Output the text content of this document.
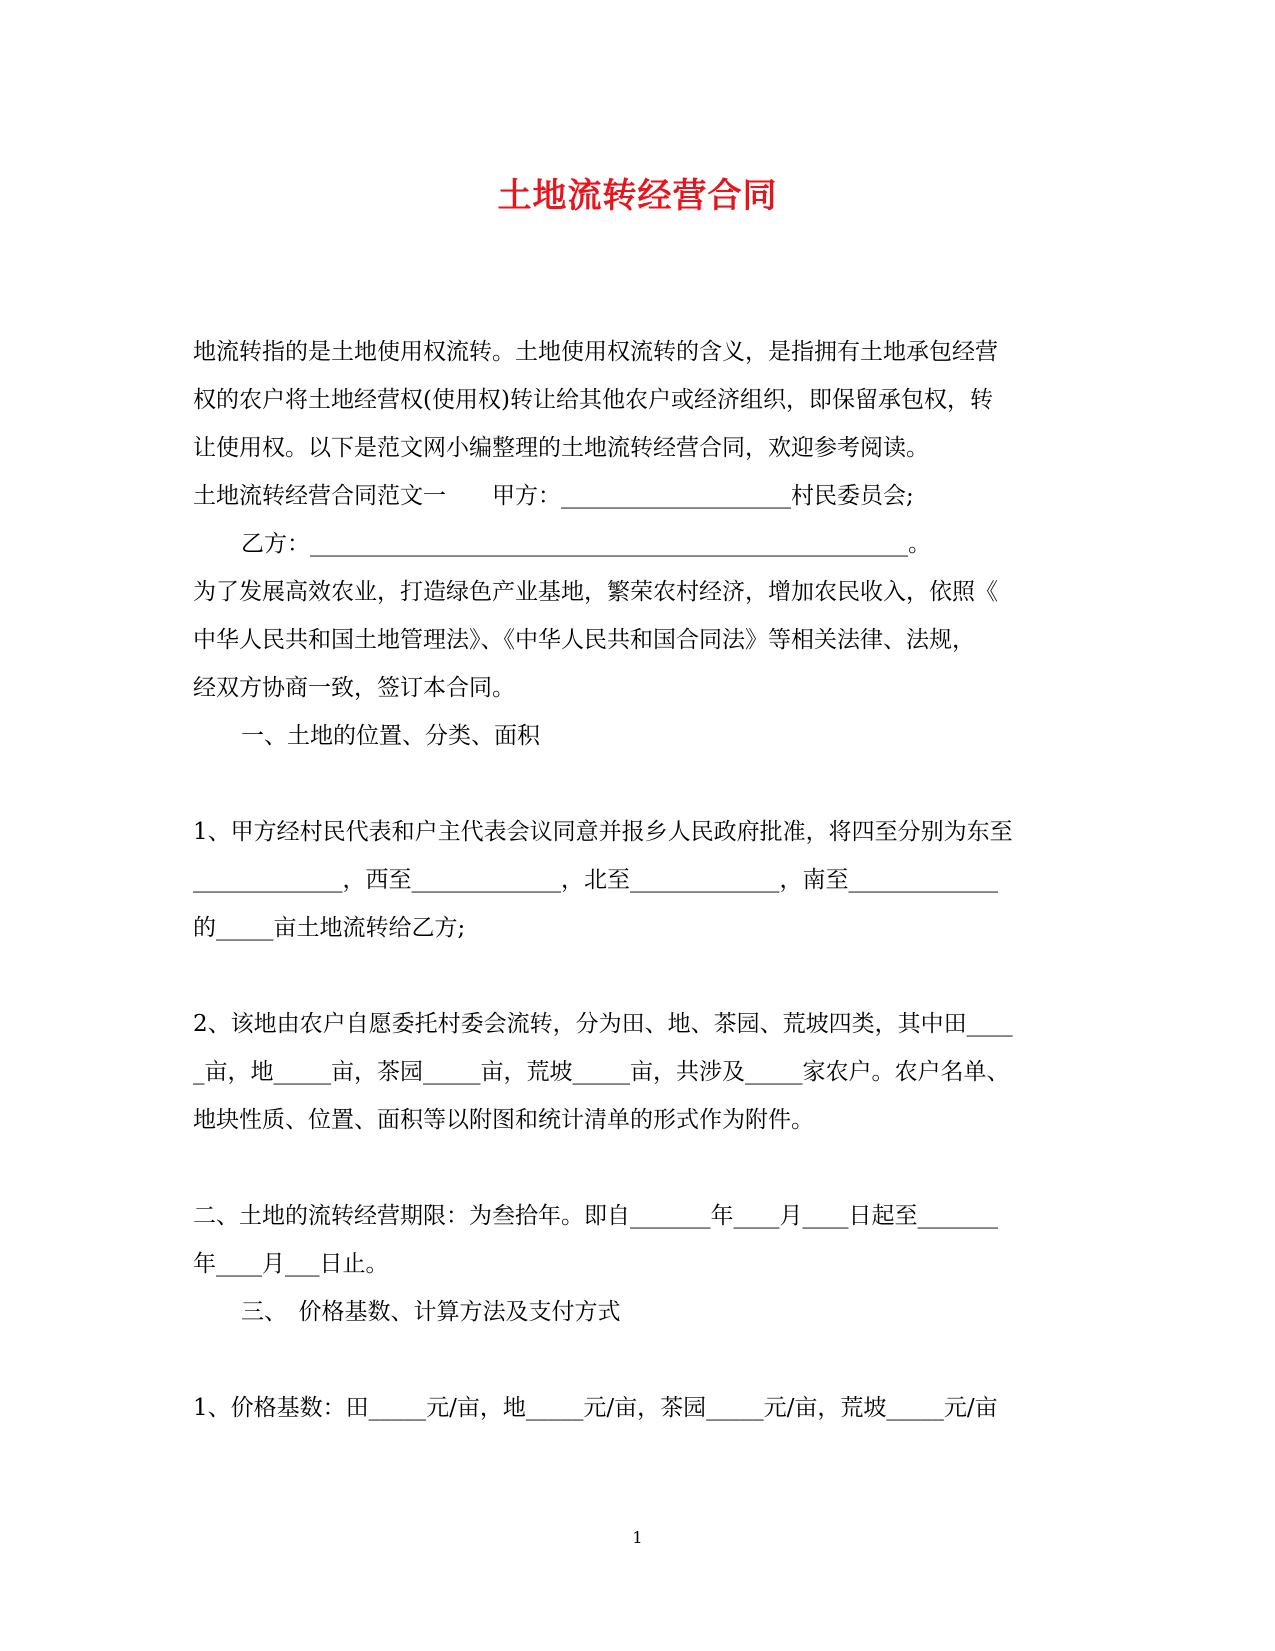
土地流转经营合同
地流转指的是土地使用权流转。土地使用权流转的含义，是指拥有土地承包经营
权的农户将土地经营权(使用权)转让给其他农户或经济组织，即保留承包权，转
让使用权。以下是范文网小编整理的土地流转经营合同，欢迎参考阅读。
土地流转经营合同范文一　　甲方：____________________村民委员会;
乙方：____________________________________________________。
为了发展高效农业，打造绿色产业基地，繁荣农村经济，增加农民收入，依照《
中华人民共和国土地管理法》、《中华人民共和国合同法》等相关法律、法规，
经双方协商一致，签订本合同。
一、土地的位置、分类、面积
1、甲方经村民代表和户主代表会议同意并报乡人民政府批准，将四至分别为东至
_____________，西至_____________，北至_____________，南至_____________
的_____亩土地流转给乙方;
2、该地由农户自愿委托村委会流转，分为田、地、茶园、荒坡四类，其中田____
_亩，地_____亩，茶园_____亩，荒坡_____亩，共涉及_____家农户。农户名单、
地块性质、位置、面积等以附图和统计清单的形式作为附件。
二、土地的流转经营期限：为叁拾年。即自_______年____月____日起至_______
年____月___日止。
三、　价格基数、计算方法及支付方式
1、价格基数：田_____元/亩，地_____元/亩，茶园_____元/亩，荒坡_____元/亩
1
